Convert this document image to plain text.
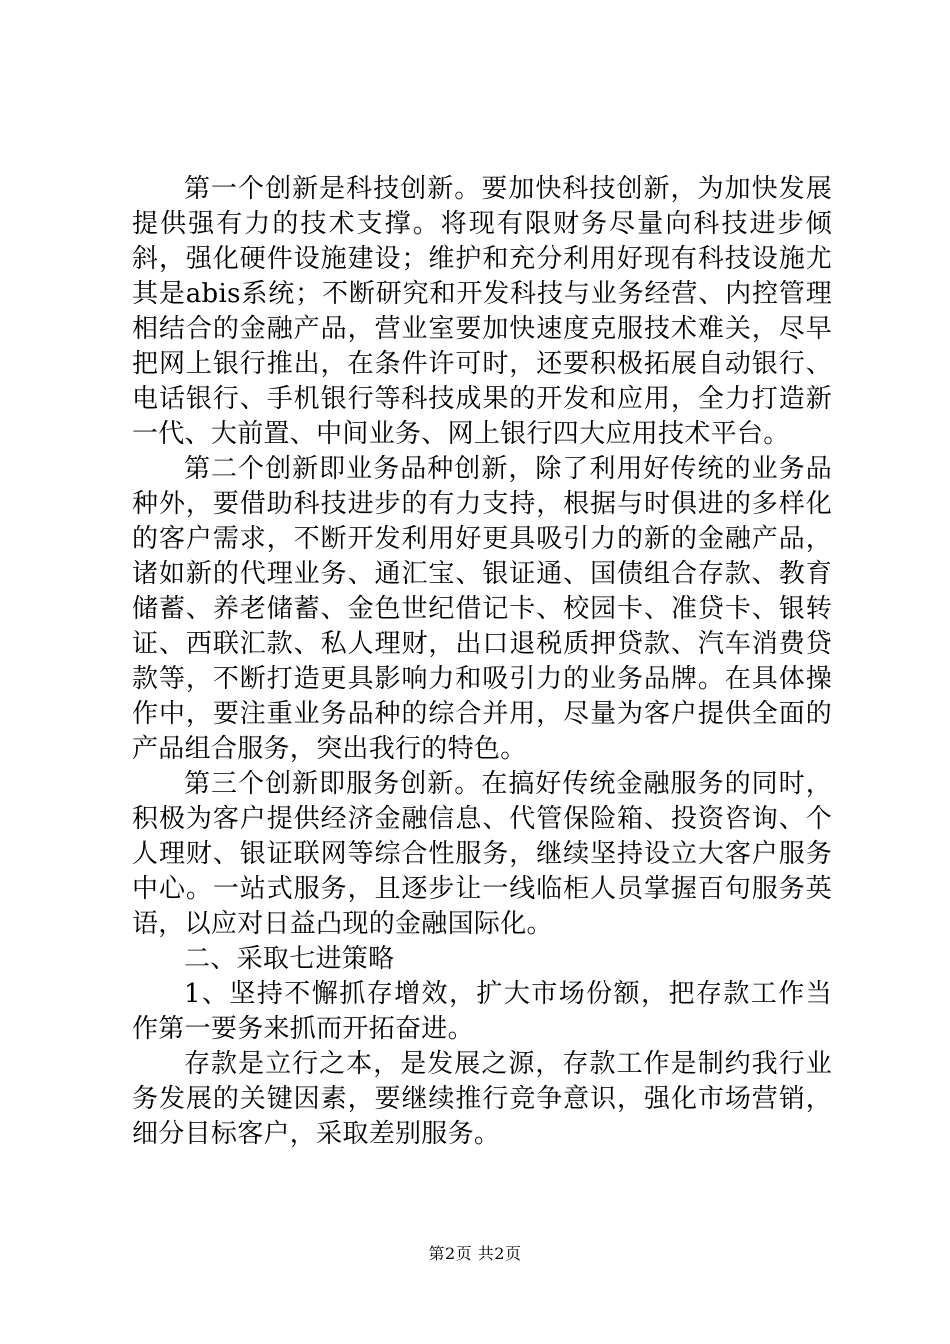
第一个创新是科技创新。要加快科技创新，为加快发展提供强有力的技术支撑。将现有限财务尽量向科技进步倾斜，强化硬件设施建设；维护和充分利用好现有科技设施尤其是abis系统；不断研究和开发科技与业务经营、内控管理相结合的金融产品，营业室要加快速度克服技术难关，尽早把网上银行推出，在条件许可时，还要积极拓展自动银行、电话银行、手机银行等科技成果的开发和应用，全力打造新一代、大前置、中间业务、网上银行四大应用技术平台。

第二个创新即业务品种创新，除了利用好传统的业务品种外，要借助科技进步的有力支持，根据与时俱进的多样化的客户需求，不断开发利用好更具吸引力的新的金融产品，诸如新的代理业务、通汇宝、银证通、国债组合存款、教育储蓄、养老储蓄、金色世纪借记卡、校园卡、准贷卡、银转证、西联汇款、私人理财，出口退税质押贷款、汽车消费贷款等，不断打造更具影响力和吸引力的业务品牌。在具体操作中，要注重业务品种的综合并用，尽量为客户提供全面的产品组合服务，突出我行的特色。

第三个创新即服务创新。在搞好传统金融服务的同时，积极为客户提供经济金融信息、代管保险箱、投资咨询、个人理财、银证联网等综合性服务，继续坚持设立大客户服务中心。一站式服务，且逐步让一线临柜人员掌握百句服务英语，以应对日益凸现的金融国际化。

二、采取七进策略

1、坚持不懈抓存增效，扩大市场份额，把存款工作当作第一要务来抓而开拓奋进。

存款是立行之本，是发展之源，存款工作是制约我行业务发展的关键因素，要继续推行竞争意识，强化市场营销，细分目标客户，采取差别服务。

第2页 共2页
